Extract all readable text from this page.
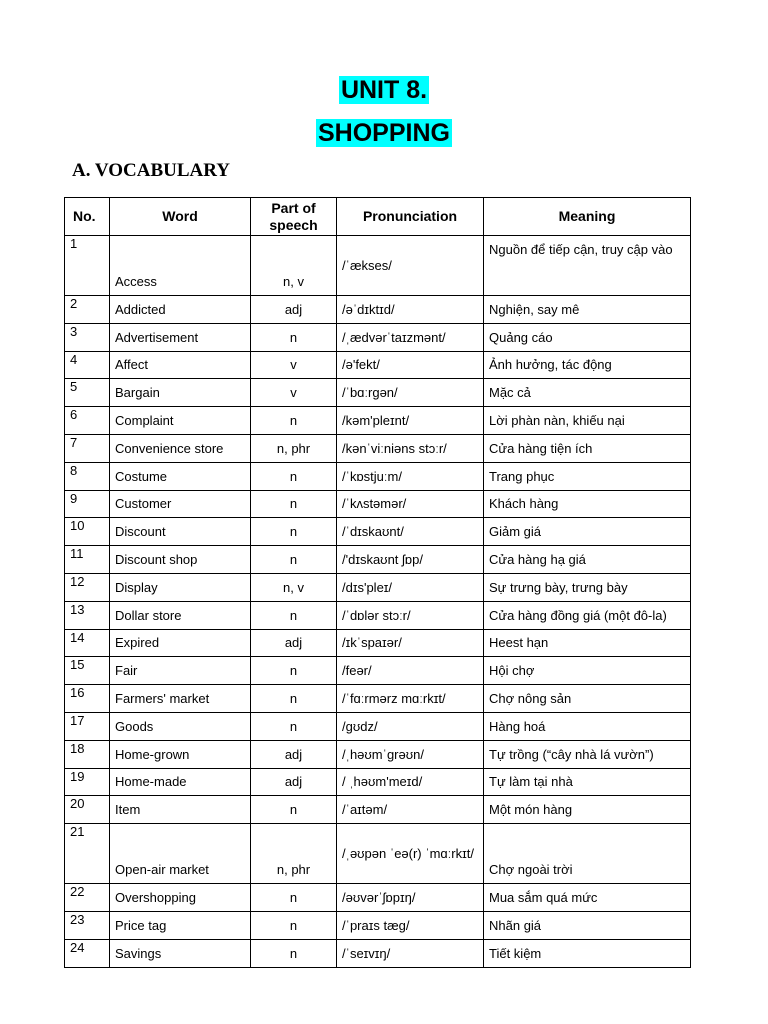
UNIT 8.
SHOPPING
A. VOCABULARY
No.	Word	Part of speech	Pronunciation	Meaning
1	Access	n, v	/ˈækses/	Nguồn để tiếp cận, truy cập vào
2	Addicted	adj	/əˈdɪktɪd/	Nghiện, say mê
3	Advertisement	n	/ˌædvərˈtaɪzmənt/	Quảng cáo
4	Affect	v	/ə'fekt/	Ảnh hưởng, tác động
5	Bargain	v	/ˈbɑːrgən/	Mặc cả
6	Complaint	n	/kəm'pleɪnt/	Lời phàn nàn, khiếu nại
7	Convenience store	n, phr	/kənˈviːniəns stɔːr/	Cửa hàng tiện ích
8	Costume	n	/ˈkɒstjuːm/	Trang phục
9	Customer	n	/ˈkʌstəmər/	Khách hàng
10	Discount	n	/ˈdɪskaʊnt/	Giảm giá
11	Discount shop	n	/'dɪskaʊnt ʃɒp/	Cửa hàng hạ giá
12	Display	n, v	/dɪs'pleɪ/	Sự trưng bày, trưng bày
13	Dollar store	n	/ˈdɒlər stɔːr/	Cửa hàng đồng giá (một đô-la)
14	Expired	adj	/ɪkˈspaɪər/	Heest hạn
15	Fair	n	/feər/	Hội chợ
16	Farmers' market	n	/ˈfɑːrmərz mɑːrkɪt/	Chợ nông sản
17	Goods	n	/gʊdz/	Hàng hoá
18	Home-grown	adj	/ˌhəʊmˈgrəʊn/	Tự trồng (“cây nhà lá vườn”)
19	Home-made	adj	/ ˌhəʊm'meɪd/	Tự làm tại nhà
20	Item	n	/ˈaɪtəm/	Một món hàng
21	Open-air market	n, phr	/ˌəʊpən ˈeə(r) ˈmɑːrkɪt/	Chợ ngoài trời
22	Overshopping	n	/əʊvərˈʃɒpɪŋ/	Mua sắm quá mức
23	Price tag	n	/ˈpraɪs tæg/	Nhãn giá
24	Savings	n	/ˈseɪvɪŋ/	Tiết kiệm
